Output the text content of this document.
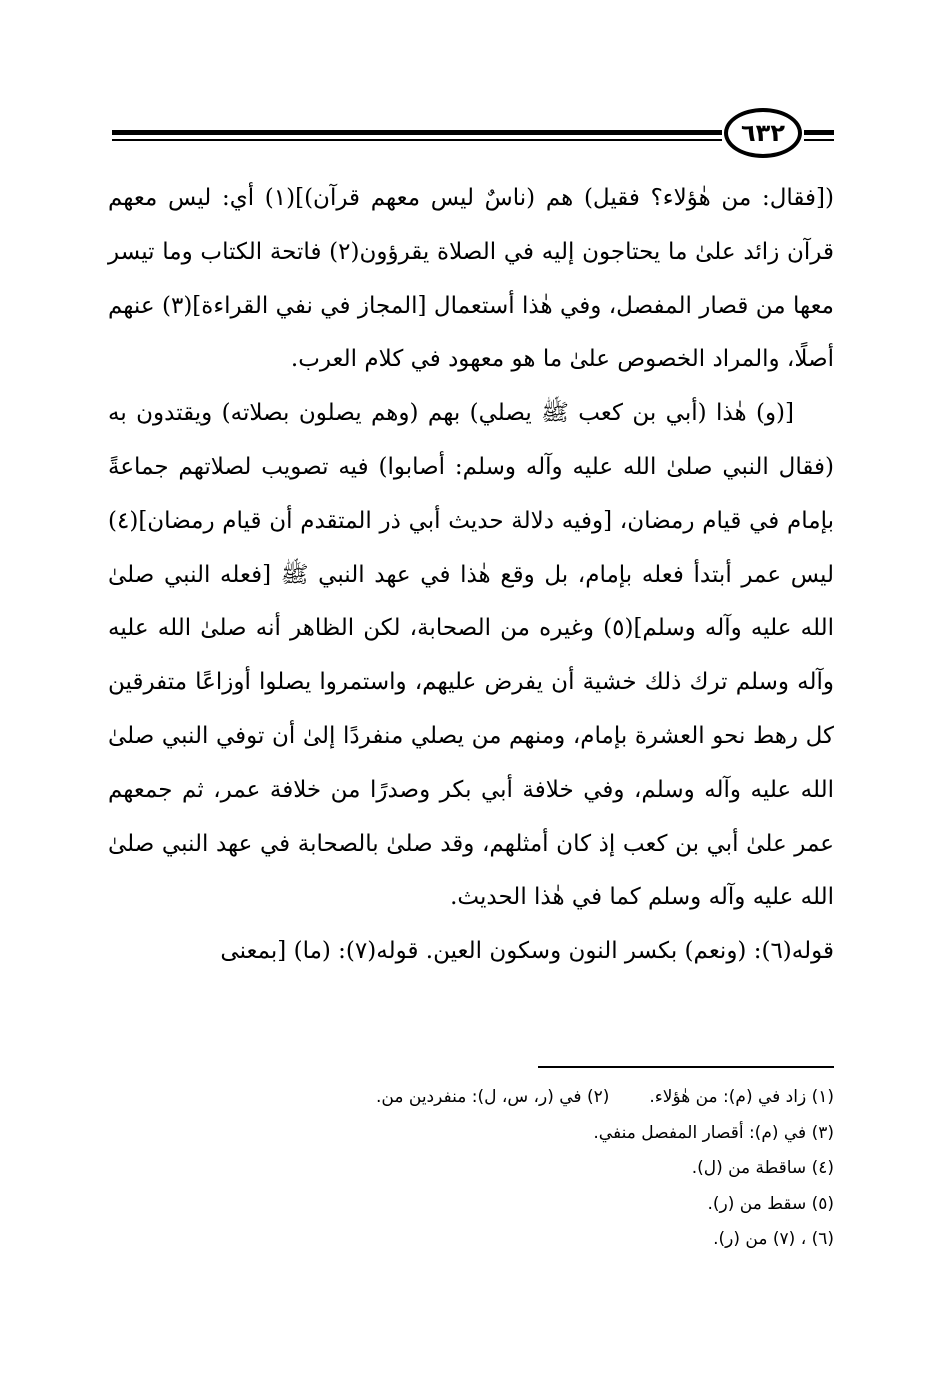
٦٣٢

([فقال: من هٰؤلاء؟ فقيل) هم (ناسٌ ليس معهم قرآن)](١) أي: ليس معهم قرآن زائد علىٰ ما يحتاجون إليه في الصلاة يقرؤون(٢) فاتحة الكتاب وما تيسر معها من قصار المفصل، وفي هٰذا أستعمال [المجاز في نفي القراءة](٣) عنهم أصلًا، والمراد الخصوص علىٰ ما هو معهود في كلام العرب.

[(و) هٰذا (أبي بن كعب ﷺ يصلي) بهم (وهم يصلون بصلاته) ويقتدون به (فقال النبي صلىٰ الله عليه وآله وسلم: أصابوا) فيه تصويب لصلاتهم جماعةً بإمام في قيام رمضان، [وفيه دلالة حديث أبي ذر المتقدم أن قيام رمضان](٤) ليس عمر أبتدأ فعله بإمام، بل وقع هٰذا في عهد النبي ﷺ [فعله النبي صلىٰ الله عليه وآله وسلم](٥) وغيره من الصحابة، لكن الظاهر أنه صلىٰ الله عليه وآله وسلم ترك ذلك خشية أن يفرض عليهم، واستمروا يصلوا أوزاعًا متفرقين كل رهط نحو العشرة بإمام، ومنهم من يصلي منفردًا إلىٰ أن توفي النبي صلىٰ الله عليه وآله وسلم، وفي خلافة أبي بكر وصدرًا من خلافة عمر، ثم جمعهم عمر علىٰ أبي بن كعب إذ كان أمثلهم، وقد صلىٰ بالصحابة في عهد النبي صلىٰ الله عليه وآله وسلم كما في هٰذا الحديث.

قوله(٦): (ونعم) بكسر النون وسكون العين. قوله(٧): (ما) [بمعنى

(١) زاد في (م): من هٰؤلاء.(٢) في (ر، س، ل): منفردين من.
(٣) في (م): أقصار المفصل منفي.
(٤) ساقطة من (ل).
(٥) سقط من (ر).
(٦) ، (٧) من (ر).
